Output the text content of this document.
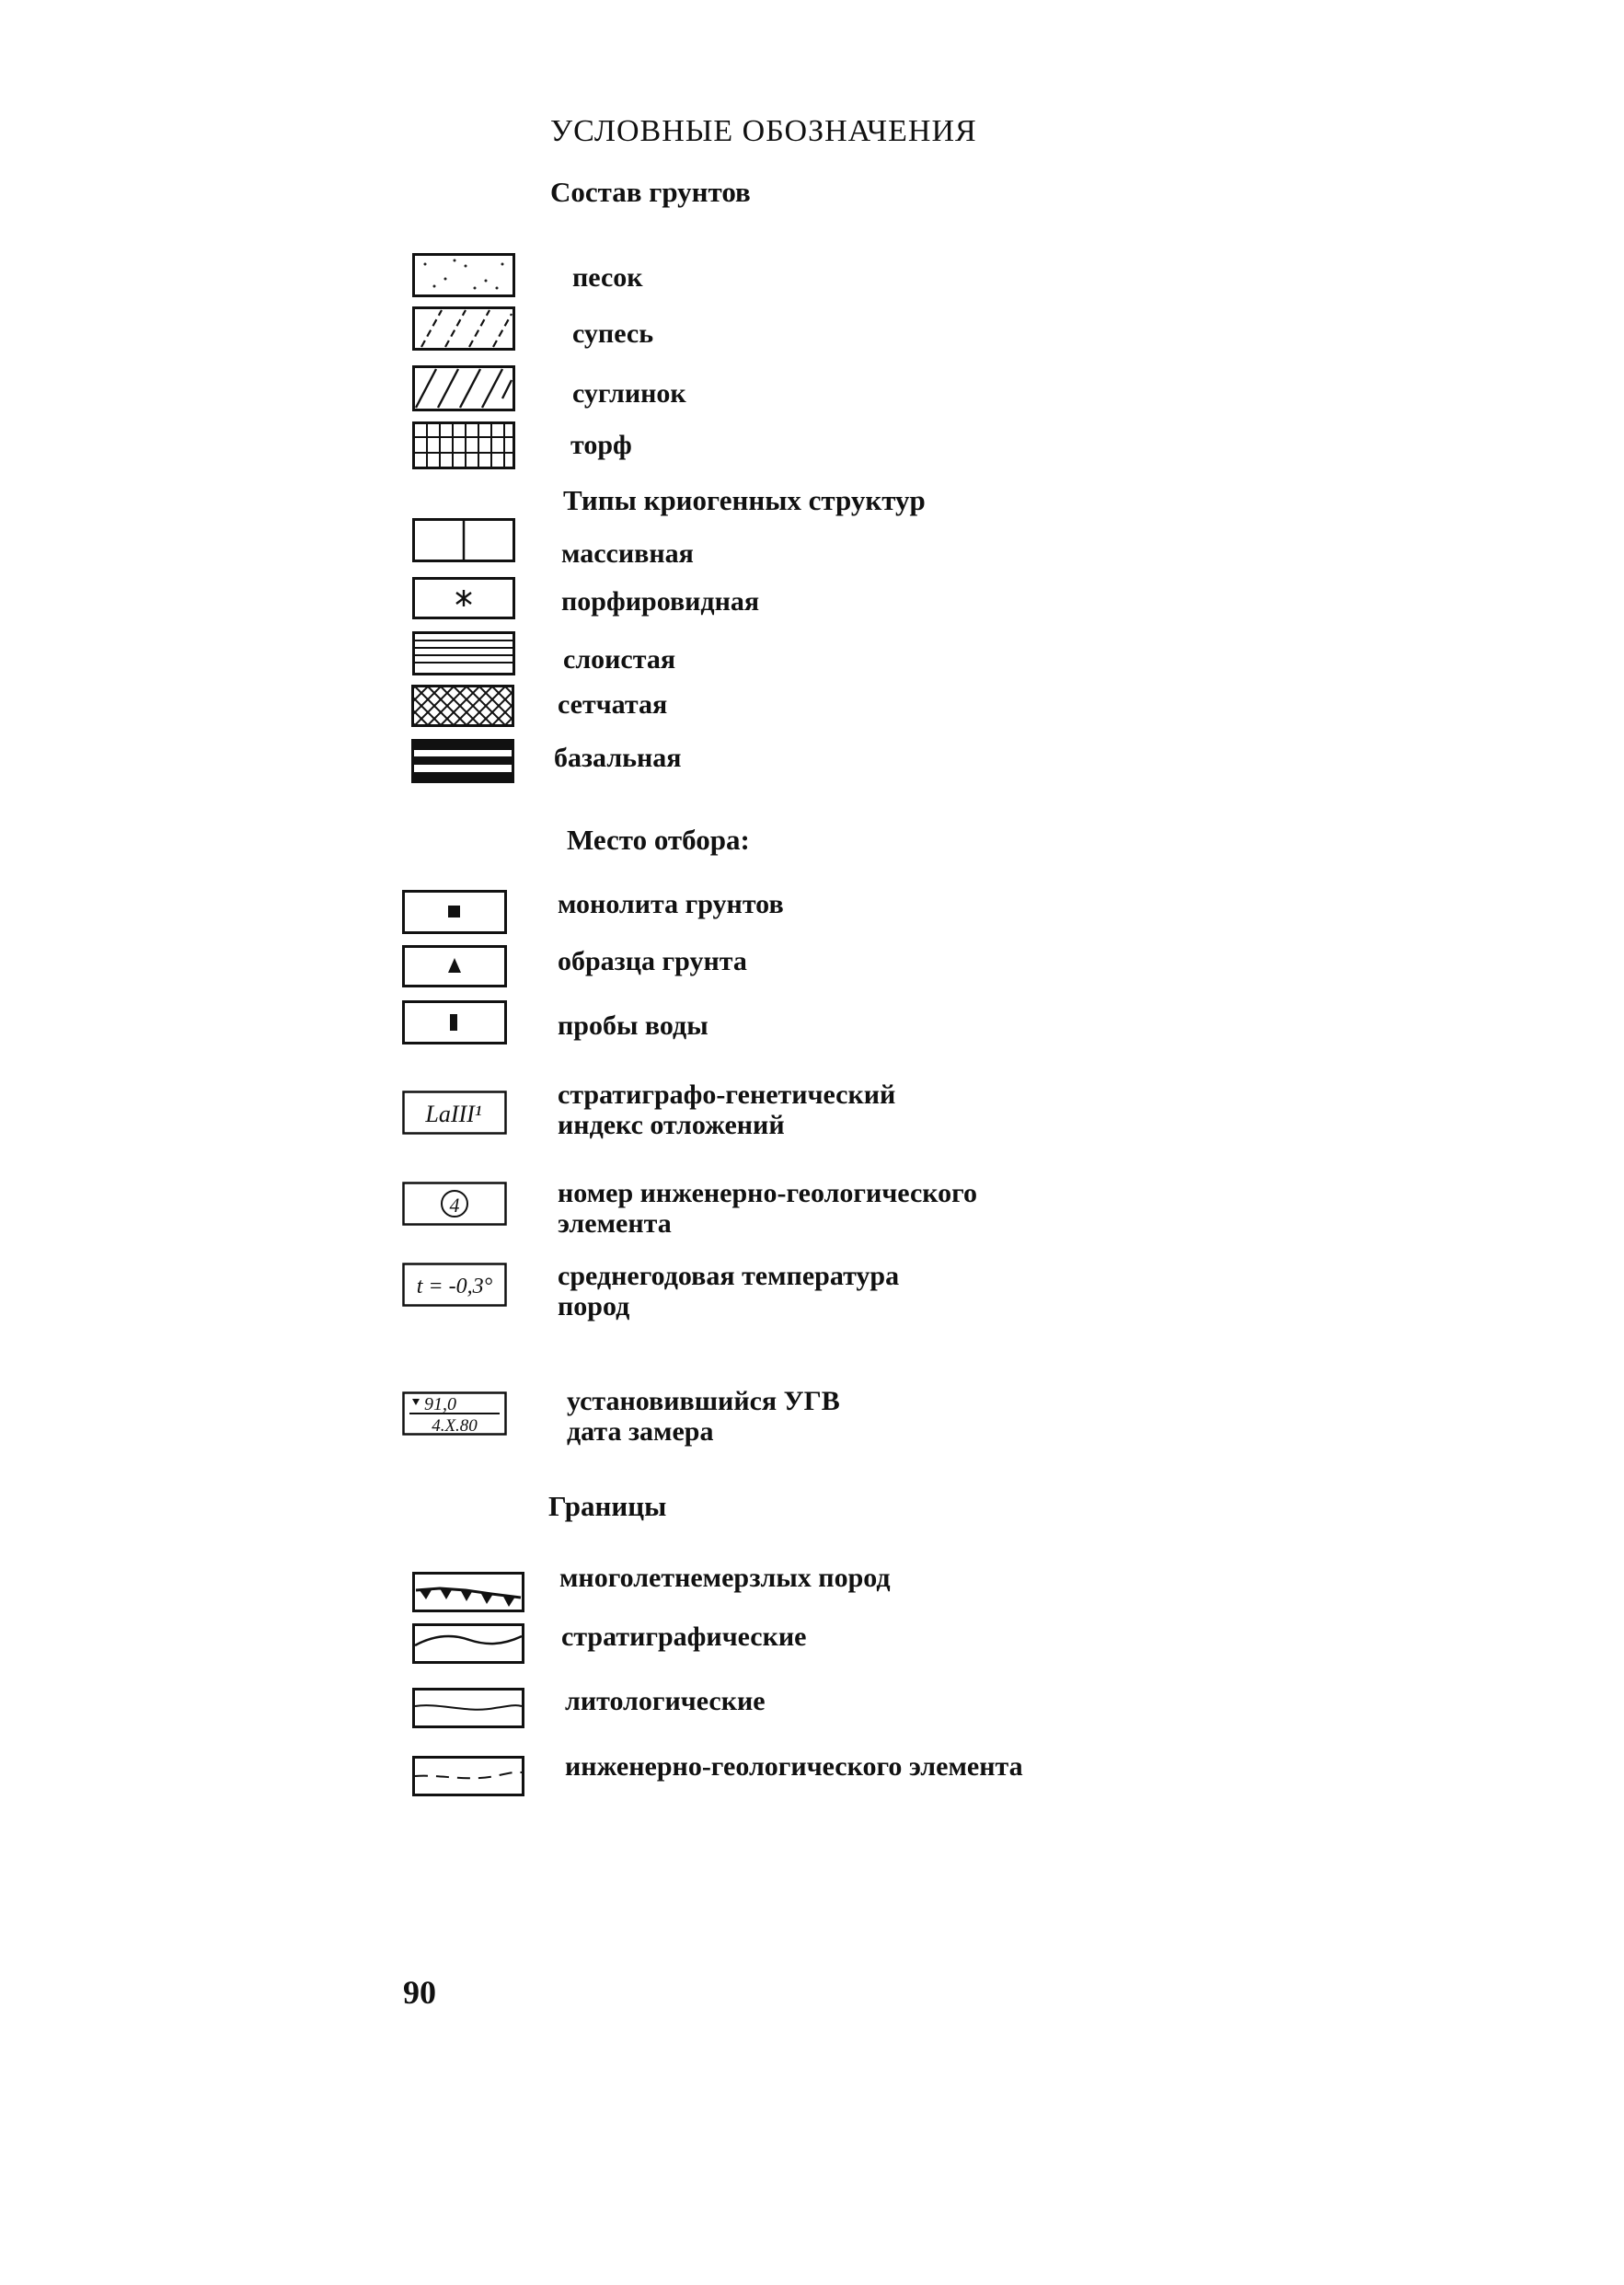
УСЛОВНЫЕ ОБОЗНАЧЕНИЯ
Состав грунтов
песок
супесь
суглинок
торф
Типы криогенных структур
массивная
порфировидная
слоистая
сетчатая
базальная
Место отбора:
монолита грунтов
образца грунта
пробы воды
LaIII¹
стратиграфо-генетический
индекс отложений
4	номер инженерно-геологического
элемента
t = -0,3° среднегодовая температура
пород
91,0
4.X.80
установившийся УГВ
дата замера
Границы
многолетнемерзлых пород
стратиграфические
литологические
инженерно-геологического элемента
90
